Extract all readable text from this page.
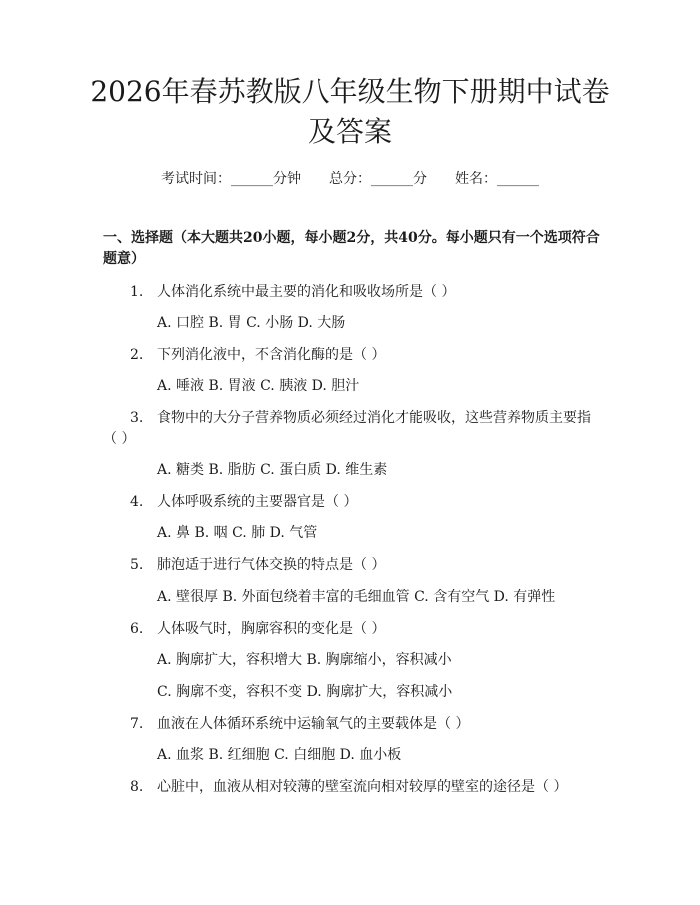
2026年春苏教版八年级生物下册期中试卷及答案
考试时间：______分钟 总分：______分 姓名：______

一、选择题（本大题共20小题，每小题2分，共40分。每小题只有一个选项符合题意）

1. 人体消化系统中最主要的消化和吸收场所是（ ）

A. 口腔 B. 胃 C. 小肠 D. 大肠

2. 下列消化液中，不含消化酶的是（ ）

A. 唾液 B. 胃液 C. 胰液 D. 胆汁

3. 食物中的大分子营养物质必须经过消化才能吸收，这些营养物质主要指（ ）

A. 糖类 B. 脂肪 C. 蛋白质 D. 维生素

4. 人体呼吸系统的主要器官是（ ）

A. 鼻 B. 咽 C. 肺 D. 气管

5. 肺泡适于进行气体交换的特点是（ ）

A. 壁很厚 B. 外面包绕着丰富的毛细血管 C. 含有空气 D. 有弹性

6. 人体吸气时，胸廓容积的变化是（ ）

A. 胸廓扩大，容积增大 B. 胸廓缩小，容积减小

C. 胸廓不变，容积不变 D. 胸廓扩大，容积减小

7. 血液在人体循环系统中运输氧气的主要载体是（ ）

A. 血浆 B. 红细胞 C. 白细胞 D. 血小板

8. 心脏中，血液从相对较薄的壁室流向相对较厚的壁室的途径是（ ）
